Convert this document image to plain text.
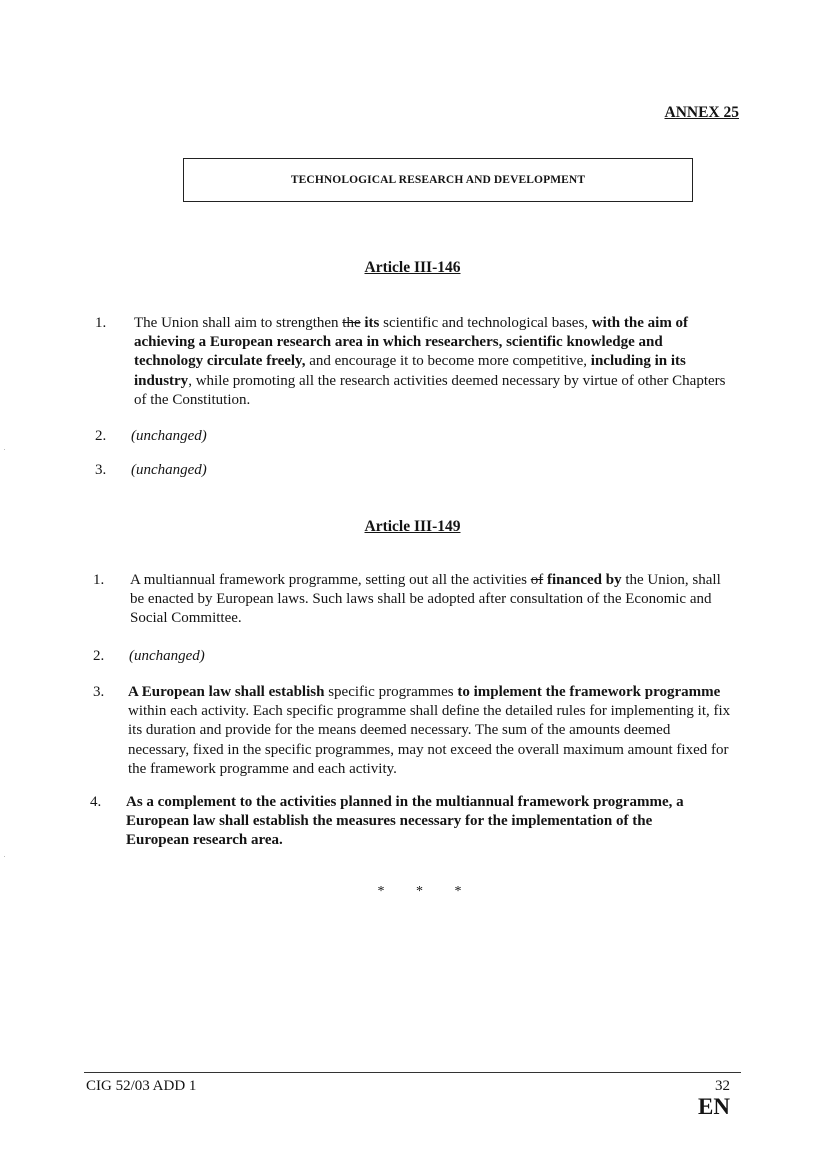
ANNEX 25
TECHNOLOGICAL RESEARCH AND DEVELOPMENT
Article III-146
1. The Union shall aim to strengthen the its scientific and technological bases, with the aim of achieving a European research area in which researchers, scientific knowledge and technology circulate freely, and encourage it to become more competitive, including in its industry, while promoting all the research activities deemed necessary by virtue of other Chapters of the Constitution.
2. (unchanged)
3. (unchanged)
Article III-149
1. A multiannual framework programme, setting out all the activities of financed by the Union, shall be enacted by European laws. Such laws shall be adopted after consultation of the Economic and Social Committee.
2. (unchanged)
3. A European law shall establish specific programmes to implement the framework programme within each activity. Each specific programme shall define the detailed rules for implementing it, fix its duration and provide for the means deemed necessary. The sum of the amounts deemed necessary, fixed in the specific programmes, may not exceed the overall maximum amount fixed for the framework programme and each activity.
4. As a complement to the activities planned in the multiannual framework programme, a European law shall establish the measures necessary for the implementation of the European research area.
* * *
CIG 52/03 ADD 1	32
EN
